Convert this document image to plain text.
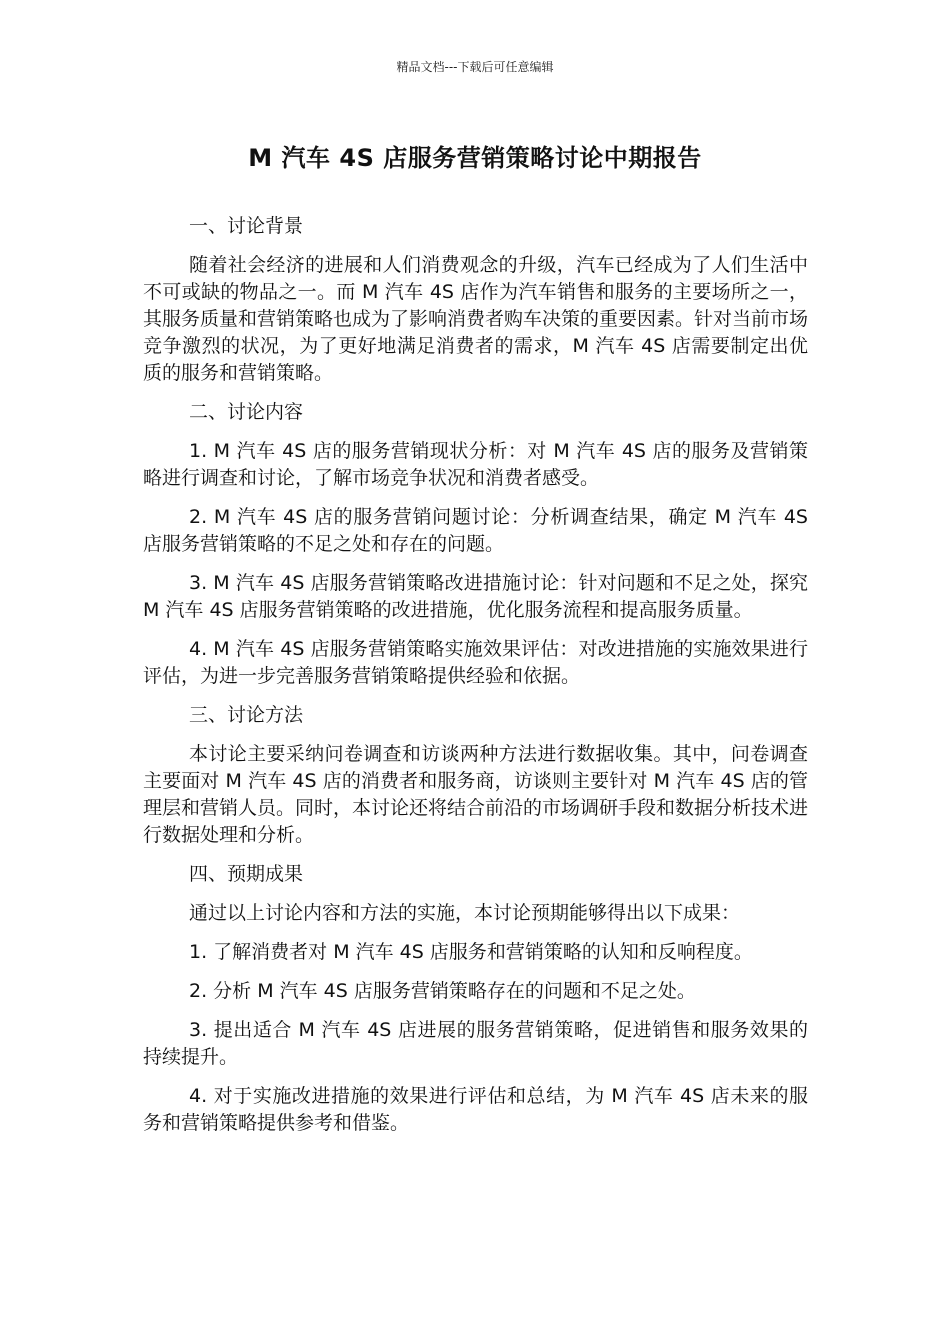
精品文档---下载后可任意编辑
M 汽车 4S 店服务营销策略讨论中期报告
一、讨论背景

随着社会经济的进展和人们消费观念的升级，汽车已经成为了人们生活中不可或缺的物品之一。而 M 汽车 4S 店作为汽车销售和服务的主要场所之一，其服务质量和营销策略也成为了影响消费者购车决策的重要因素。针对当前市场竞争激烈的状况，为了更好地满足消费者的需求，M 汽车 4S 店需要制定出优质的服务和营销策略。

二、讨论内容

1. M 汽车 4S 店的服务营销现状分析：对 M 汽车 4S 店的服务及营销策略进行调查和讨论，了解市场竞争状况和消费者感受。

2. M 汽车 4S 店的服务营销问题讨论：分析调查结果，确定 M 汽车 4S 店服务营销策略的不足之处和存在的问题。

3. M 汽车 4S 店服务营销策略改进措施讨论：针对问题和不足之处，探究 M 汽车 4S 店服务营销策略的改进措施，优化服务流程和提高服务质量。

4. M 汽车 4S 店服务营销策略实施效果评估：对改进措施的实施效果进行评估，为进一步完善服务营销策略提供经验和依据。

三、讨论方法

本讨论主要采纳问卷调查和访谈两种方法进行数据收集。其中，问卷调查主要面对 M 汽车 4S 店的消费者和服务商，访谈则主要针对 M 汽车 4S 店的管理层和营销人员。同时，本讨论还将结合前沿的市场调研手段和数据分析技术进行数据处理和分析。

四、预期成果

通过以上讨论内容和方法的实施，本讨论预期能够得出以下成果：

1. 了解消费者对 M 汽车 4S 店服务和营销策略的认知和反响程度。

2. 分析 M 汽车 4S 店服务营销策略存在的问题和不足之处。

3. 提出适合 M 汽车 4S 店进展的服务营销策略，促进销售和服务效果的持续提升。

4. 对于实施改进措施的效果进行评估和总结，为 M 汽车 4S 店未来的服务和营销策略提供参考和借鉴。
